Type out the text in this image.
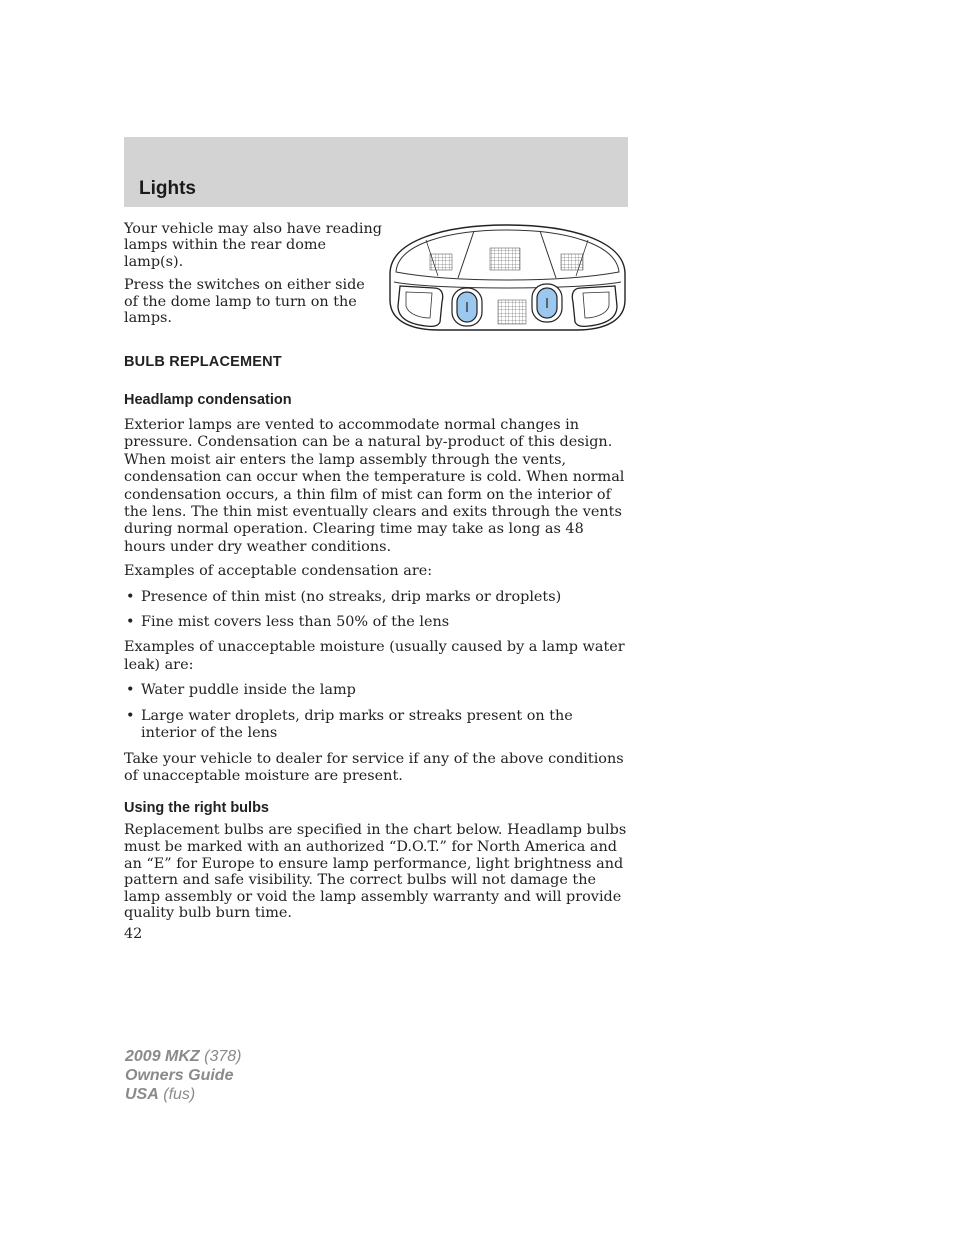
Lights

Your vehicle may also have reading lamps within the rear dome lamp(s).

Press the switches on either side of the dome lamp to turn on the lamps.

BULB REPLACEMENT
Headlamp condensation

Exterior lamps are vented to accommodate normal changes in pressure. Condensation can be a natural by-product of this design. When moist air enters the lamp assembly through the vents, condensation can occur when the temperature is cold. When normal condensation occurs, a thin film of mist can form on the interior of the lens. The thin mist eventually clears and exits through the vents during normal operation. Clearing time may take as long as 48 hours under dry weather conditions.

Examples of acceptable condensation are:

• Presence of thin mist (no streaks, drip marks or droplets)
• Fine mist covers less than 50% of the lens

Examples of unacceptable moisture (usually caused by a lamp water leak) are:

• Water puddle inside the lamp
• Large water droplets, drip marks or streaks present on the interior of the lens

Take your vehicle to dealer for service if any of the above conditions of unacceptable moisture are present.

Using the right bulbs

Replacement bulbs are specified in the chart below. Headlamp bulbs must be marked with an authorized “D.O.T.” for North America and an “E” for Europe to ensure lamp performance, light brightness and pattern and safe visibility. The correct bulbs will not damage the lamp assembly or void the lamp assembly warranty and will provide quality bulb burn time.

42
2009 MKZ (378)
Owners Guide
USA (fus)
